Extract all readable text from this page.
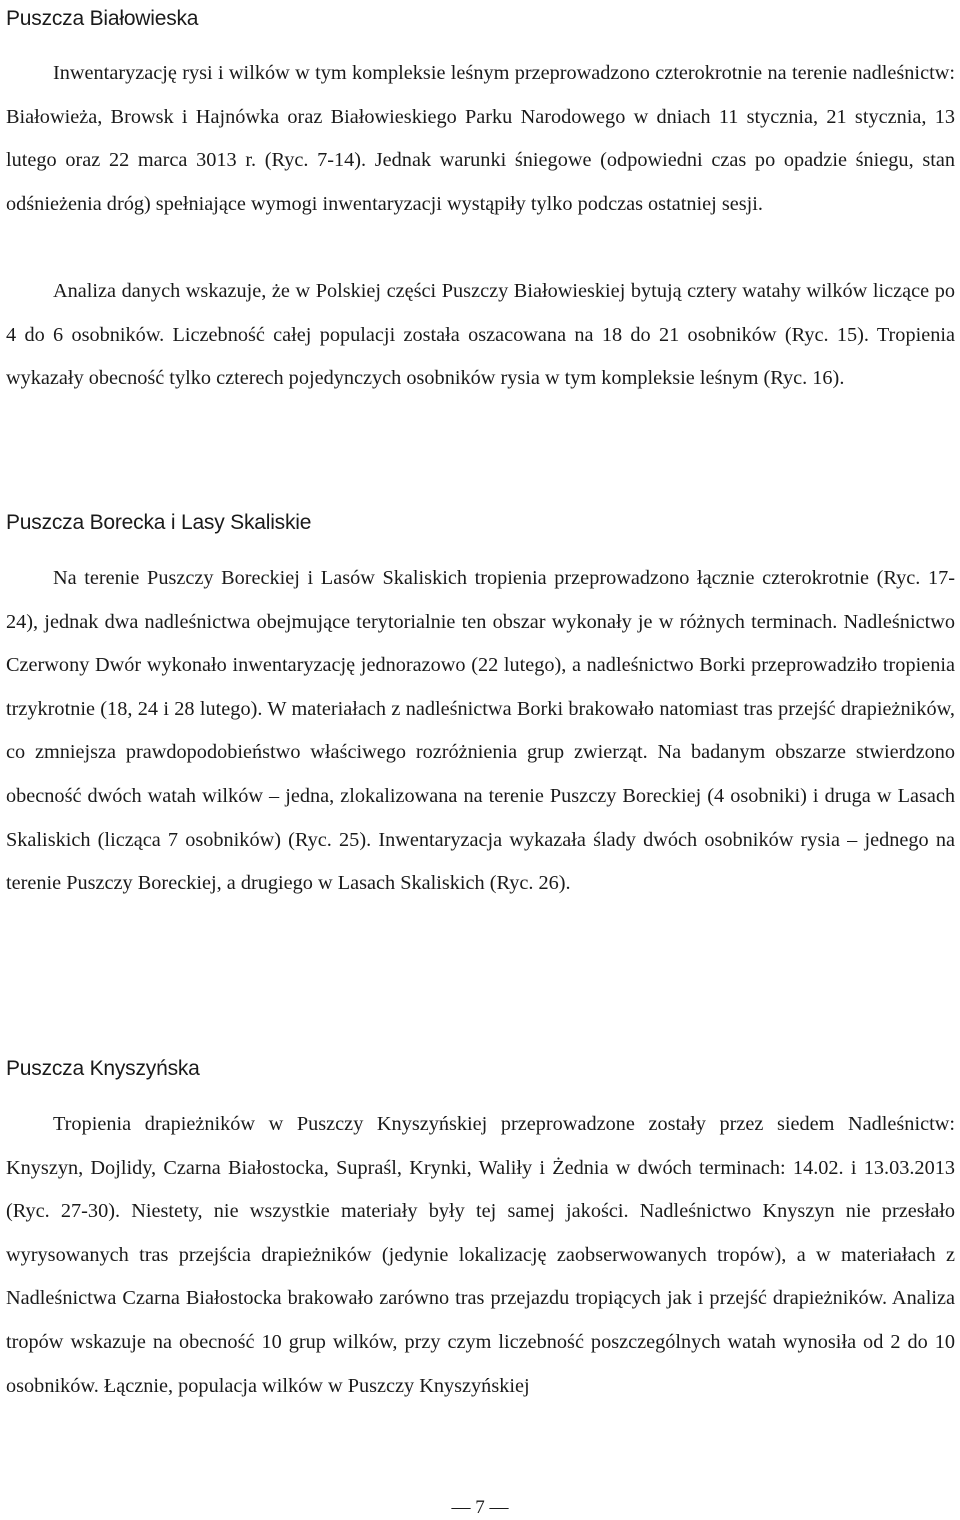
Puszcza Białowieska

Inwentaryzację rysi i wilków w tym kompleksie leśnym przeprowadzono czterokrotnie na terenie nadleśnictw: Białowieża, Browsk i Hajnówka oraz Białowieskiego Parku Narodowego w dniach 11 stycznia, 21 stycznia, 13 lutego oraz 22 marca 3013 r. (Ryc. 7-14). Jednak warunki śniegowe (odpowiedni czas po opadzie śniegu, stan odśnieżenia dróg) spełniające wymogi inwentaryzacji wystąpiły tylko podczas ostatniej sesji.

Analiza danych wskazuje, że w Polskiej części Puszczy Białowieskiej bytują cztery watahy wilków liczące po 4 do 6 osobników. Liczebność całej populacji została oszacowana na 18 do 21 osobników (Ryc. 15). Tropienia wykazały obecność tylko czterech pojedynczych osobników rysia w tym kompleksie leśnym (Ryc. 16).

Puszcza Borecka i Lasy Skaliskie

Na terenie Puszczy Boreckiej i Lasów Skaliskich tropienia przeprowadzono łącznie czterokrotnie (Ryc. 17-24), jednak dwa nadleśnictwa obejmujące terytorialnie ten obszar wykonały je w różnych terminach. Nadleśnictwo Czerwony Dwór wykonało inwentaryzację jednorazowo (22 lutego), a nadleśnictwo Borki przeprowadziło tropienia trzykrotnie (18, 24 i 28 lutego). W materiałach z nadleśnictwa Borki brakowało natomiast tras przejść drapieżników, co zmniejsza prawdopodobieństwo właściwego rozróżnienia grup zwierząt. Na badanym obszarze stwierdzono obecność dwóch watah wilków – jedna, zlokalizowana na terenie Puszczy Boreckiej (4 osobniki) i druga w Lasach Skaliskich (licząca 7 osobników) (Ryc. 25). Inwentaryzacja wykazała ślady dwóch osobników rysia – jednego na terenie Puszczy Boreckiej, a drugiego w Lasach Skaliskich (Ryc. 26).

Puszcza Knyszyńska

Tropienia drapieżników w Puszczy Knyszyńskiej przeprowadzone zostały przez siedem Nadleśnictw: Knyszyn, Dojlidy, Czarna Białostocka, Supraśl, Krynki, Waliły i Żednia w dwóch terminach: 14.02. i 13.03.2013 (Ryc. 27-30). Niestety, nie wszystkie materiały były tej samej jakości. Nadleśnictwo Knyszyn nie przesłało wyrysowanych tras przejścia drapieżników (jedynie lokalizację zaobserwowanych tropów), a w materiałach z Nadleśnictwa Czarna Białostocka brakowało zarówno tras przejazdu tropiących jak i przejść drapieżników. Analiza tropów wskazuje na obecność 10 grup wilków, przy czym liczebność poszczególnych watah wynosiła od 2 do 10 osobników. Łącznie, populacja wilków w Puszczy Knyszyńskiej

— 7 —
